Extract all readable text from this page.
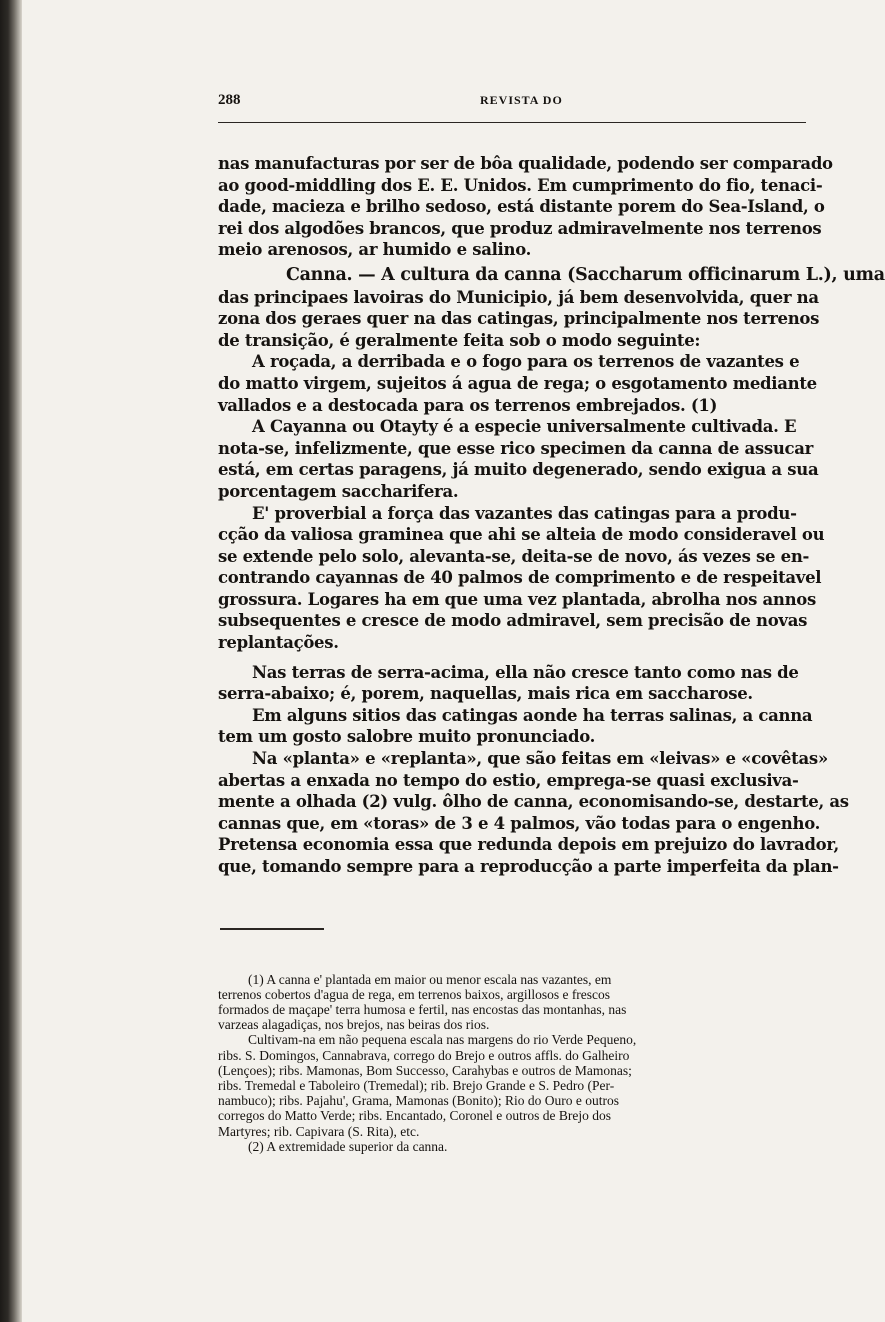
288	REVISTA DO

nas manufacturas por ser de bôa qualidade, podendo ser comparado
ao good-middling dos E. E. Unidos. Em cumprimento do fio, tenaci-
dade, macieza e brilho sedoso, está distante porem do Sea-Island, o
rei dos algodões brancos, que produz admiravelmente nos terrenos
meio arenosos, ar humido e salino.

Canna. — A cultura da canna (Saccharum officinarum L.), uma
das principaes lavoiras do Municipio, já bem desenvolvida, quer na
zona dos geraes quer na das catingas, principalmente nos terrenos
de transição, é geralmente feita sob o modo seguinte:

A roçada, a derribada e o fogo para os terrenos de vazantes e
do matto virgem, sujeitos á agua de rega; o esgotamento mediante
vallados e a destocada para os terrenos embrejados. (1)

A Cayanna ou Otayty é a especie universalmente cultivada. E
nota-se, infelizmente, que esse rico specimen da canna de assucar
está, em certas paragens, já muito degenerado, sendo exigua a sua
porcentagem saccharifera.

E' proverbial a força das vazantes das catingas para a produ-
cção da valiosa graminea que ahi se alteia de modo consideravel ou
se extende pelo solo, alevanta-se, deita-se de novo, ás vezes se en-
contrando cayannas de 40 palmos de comprimento e de respeitavel
grossura. Logares ha em que uma vez plantada, abrolha nos annos
subsequentes e cresce de modo admiravel, sem precisão de novas
replantações.

Nas terras de serra-acima, ella não cresce tanto como nas de
serra-abaixo; é, porem, naquellas, mais rica em saccharose.

Em alguns sitios das catingas aonde ha terras salinas, a canna
tem um gosto salobre muito pronunciado.

Na «planta» e «replanta», que são feitas em «leivas» e «covêtas»
abertas a enxada no tempo do estio, emprega-se quasi exclusiva-
mente a olhada (2) vulg. ôlho de canna, economisando-se, destarte, as
cannas que, em «toras» de 3 e 4 palmos, vão todas para o engenho.
Pretensa economia essa que redunda depois em prejuizo do lavrador,
que, tomando sempre para a reproducção a parte imperfeita da plan-

(1) A canna e' plantada em maior ou menor escala nas vazantes, em
terrenos cobertos d'agua de rega, em terrenos baixos, argillosos e frescos
formados de maçape' terra humosa e fertil, nas encostas das montanhas, nas
varzeas alagadiças, nos brejos, nas beiras dos rios.
Cultivam-na em não pequena escala nas margens do rio Verde Pequeno,
ribs. S. Domingos, Cannabrava, corrego do Brejo e outros affls. do Galheiro
(Lençoes); ribs. Mamonas, Bom Successo, Carahybas e outros de Mamonas;
ribs. Tremedal e Taboleiro (Tremedal); rib. Brejo Grande e S. Pedro (Per-
nambuco); ribs. Pajahu', Grama, Mamonas (Bonito); Rio do Ouro e outros
corregos do Matto Verde; ribs. Encantado, Coronel e outros de Brejo dos
Martyres; rib. Capivara (S. Rita), etc.

(2) A extremidade superior da canna.
